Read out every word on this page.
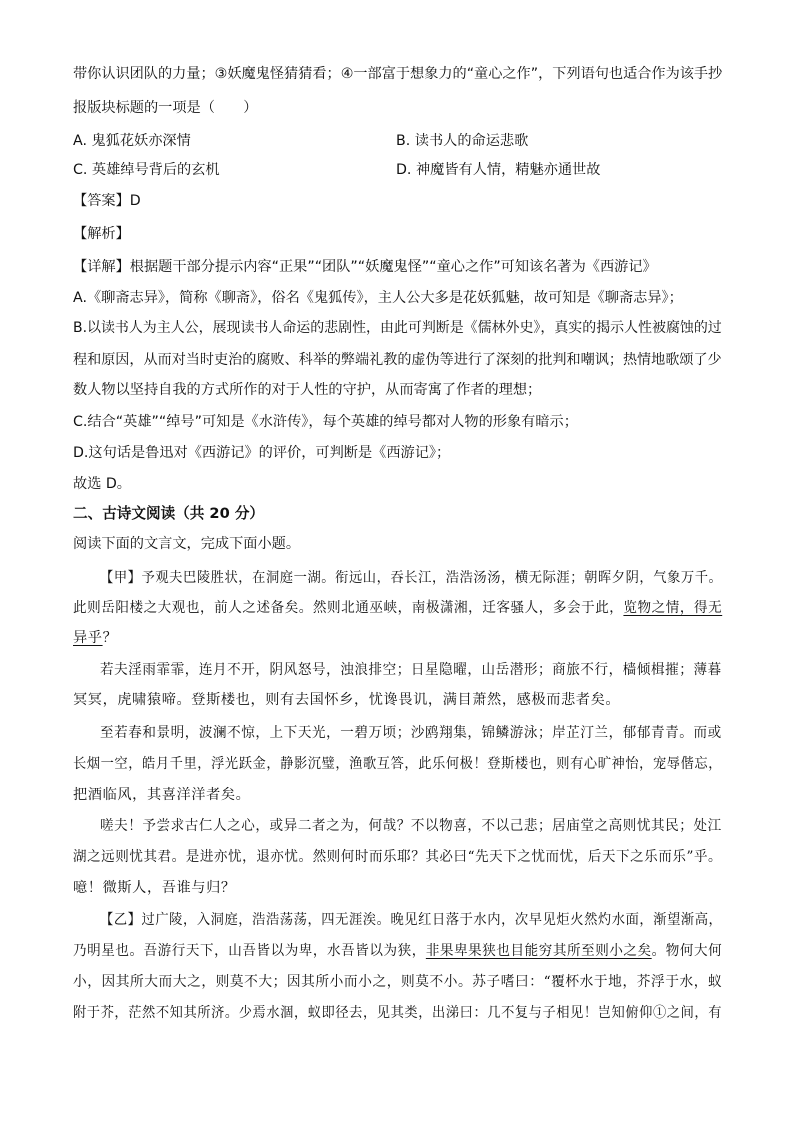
带你认识团队的力量；③妖魔鬼怪猜猜看；④一部富于想象力的“童心之作”，下列语句也适合作为该手抄
报版块标题的一项是（　　）
A. 鬼狐花妖亦深情	B. 读书人的命运悲歌
C. 英雄绰号背后的玄机	D. 神魔皆有人情，精魅亦通世故
【答案】D
【解析】
【详解】根据题干部分提示内容“正果”“团队”“妖魔鬼怪”“童心之作”可知该名著为《西游记》
A.《聊斋志异》，简称《聊斋》，俗名《鬼狐传》，主人公大多是花妖狐魅，故可知是《聊斋志异》；
B.以读书人为主人公，展现读书人命运的悲剧性，由此可判断是《儒林外史》，真实的揭示人性被腐蚀的过
程和原因，从而对当时吏治的腐败、科举的弊端礼教的虚伪等进行了深刻的批判和嘲讽；热情地歌颂了少
数人物以坚持自我的方式所作的对于人性的守护，从而寄寓了作者的理想；
C.结合“英雄”“绰号”可知是《水浒传》，每个英雄的绰号都对人物的形象有暗示；
D.这句话是鲁迅对《西游记》的评价，可判断是《西游记》；
故选 D。
二、古诗文阅读（共 20 分）
阅读下面的文言文，完成下面小题。
【甲】予观夫巴陵胜状，在洞庭一湖。衔远山，吞长江，浩浩汤汤，横无际涯；朝晖夕阴，气象万千。
此则岳阳楼之大观也，前人之述备矣。然则北通巫峡，南极潇湘，迁客骚人，多会于此，览物之情，得无
异乎？
若夫淫雨霏霏，连月不开，阴风怒号，浊浪排空；日星隐曜，山岳潜形；商旅不行，樯倾楫摧；薄暮
冥冥，虎啸猿啼。登斯楼也，则有去国怀乡，忧谗畏讥，满目萧然，感极而悲者矣。
至若春和景明，波澜不惊，上下天光，一碧万顷；沙鸥翔集，锦鳞游泳；岸芷汀兰，郁郁青青。而或
长烟一空，皓月千里，浮光跃金，静影沉璧，渔歌互答，此乐何极！登斯楼也，则有心旷神怡，宠辱偕忘，
把酒临风，其喜洋洋者矣。
嗟夫！予尝求古仁人之心，或异二者之为，何哉？不以物喜，不以己悲；居庙堂之高则忧其民；处江
湖之远则忧其君。是进亦忧，退亦忧。然则何时而乐耶？其必曰“先天下之忧而忧，后天下之乐而乐”乎。
噫！微斯人，吾谁与归？
【乙】过广陵，入洞庭，浩浩荡荡，四无涯涘。晚见红日落于水内，次早见炬火然灼水面，渐望渐高，
乃明星也。吾游行天下，山吾皆以为卑，水吾皆以为狭，非果卑果狭也目能穷其所至则小之矣。物何大何
小，因其所大而大之，则莫不大；因其所小而小之，则莫不小。苏子嗜曰：“覆杯水于地，芥浮于水，蚁
附于芥，茫然不知其所济。少焉水涸，蚁即径去，见其类，出涕曰：几不复与子相见！岂知俯仰①之间，有
